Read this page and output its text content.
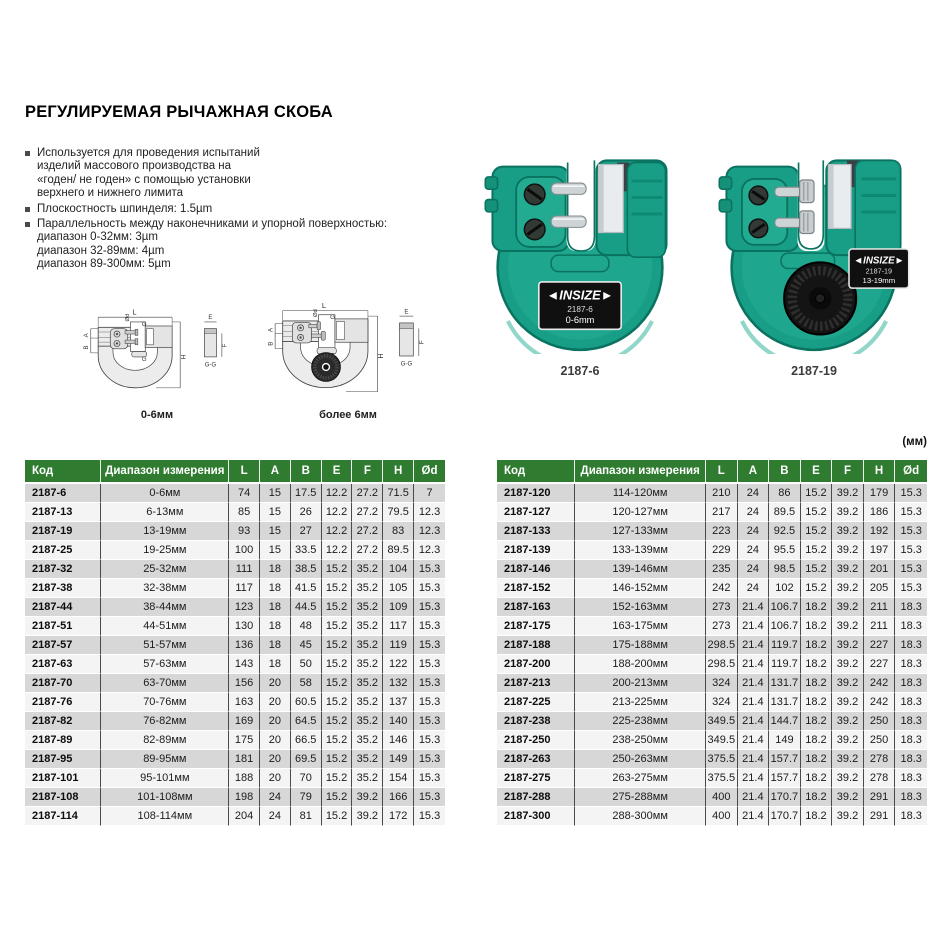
РЕГУЛИРУЕМАЯ РЫЧАЖНАЯ СКОБА
Используется для проведения испытаний
изделий массового производства на
«годен/ не годен» с помощью установки
верхнего и нижнего лимита
Плоскостность шпинделя: 1.5µm
Параллельность между наконечниками и упорной поверхностью:
диапазон 0-32мм: 3µm
диапазон 32-89мм: 4µm
диапазон 89-300мм: 5µm
L
Ød
G
G
A
B
H
E
F
G-G
0-6мм
L
Ød
G
G
A
B
H
E
F
G-G
более 6мм
◄INSIZE►
2187-6
0-6mm
2187-6
◄INSIZE►
2187-19
13-19mm
2187-19
(мм)
Код	Диапазон измерения	L	A	B	E	F	H	Ød
2187-6	0-6мм	74	15	17.5	12.2	27.2	71.5	7
2187-13	6-13мм	85	15	26	12.2	27.2	79.5	12.3
2187-19	13-19мм	93	15	27	12.2	27.2	83	12.3
2187-25	19-25мм	100	15	33.5	12.2	27.2	89.5	12.3
2187-32	25-32мм	111	18	38.5	15.2	35.2	104	15.3
2187-38	32-38мм	117	18	41.5	15.2	35.2	105	15.3
2187-44	38-44мм	123	18	44.5	15.2	35.2	109	15.3
2187-51	44-51мм	130	18	48	15.2	35.2	117	15.3
2187-57	51-57мм	136	18	45	15.2	35.2	119	15.3
2187-63	57-63мм	143	18	50	15.2	35.2	122	15.3
2187-70	63-70мм	156	20	58	15.2	35.2	132	15.3
2187-76	70-76мм	163	20	60.5	15.2	35.2	137	15.3
2187-82	76-82мм	169	20	64.5	15.2	35.2	140	15.3
2187-89	82-89мм	175	20	66.5	15.2	35.2	146	15.3
2187-95	89-95мм	181	20	69.5	15.2	35.2	149	15.3
2187-101	95-101мм	188	20	70	15.2	35.2	154	15.3
2187-108	101-108мм	198	24	79	15.2	39.2	166	15.3
2187-114	108-114мм	204	24	81	15.2	39.2	172	15.3
Код	Диапазон измерения	L	A	B	E	F	H	Ød
2187-120	114-120мм	210	24	86	15.2	39.2	179	15.3
2187-127	120-127мм	217	24	89.5	15.2	39.2	186	15.3
2187-133	127-133мм	223	24	92.5	15.2	39.2	192	15.3
2187-139	133-139мм	229	24	95.5	15.2	39.2	197	15.3
2187-146	139-146мм	235	24	98.5	15.2	39.2	201	15.3
2187-152	146-152мм	242	24	102	15.2	39.2	205	15.3
2187-163	152-163мм	273	21.4	106.7	18.2	39.2	211	18.3
2187-175	163-175мм	273	21.4	106.7	18.2	39.2	211	18.3
2187-188	175-188мм	298.5	21.4	119.7	18.2	39.2	227	18.3
2187-200	188-200мм	298.5	21.4	119.7	18.2	39.2	227	18.3
2187-213	200-213мм	324	21.4	131.7	18.2	39.2	242	18.3
2187-225	213-225мм	324	21.4	131.7	18.2	39.2	242	18.3
2187-238	225-238мм	349.5	21.4	144.7	18.2	39.2	250	18.3
2187-250	238-250мм	349.5	21.4	149	18.2	39.2	250	18.3
2187-263	250-263мм	375.5	21.4	157.7	18.2	39.2	278	18.3
2187-275	263-275мм	375.5	21.4	157.7	18.2	39.2	278	18.3
2187-288	275-288мм	400	21.4	170.7	18.2	39.2	291	18.3
2187-300	288-300мм	400	21.4	170.7	18.2	39.2	291	18.3
